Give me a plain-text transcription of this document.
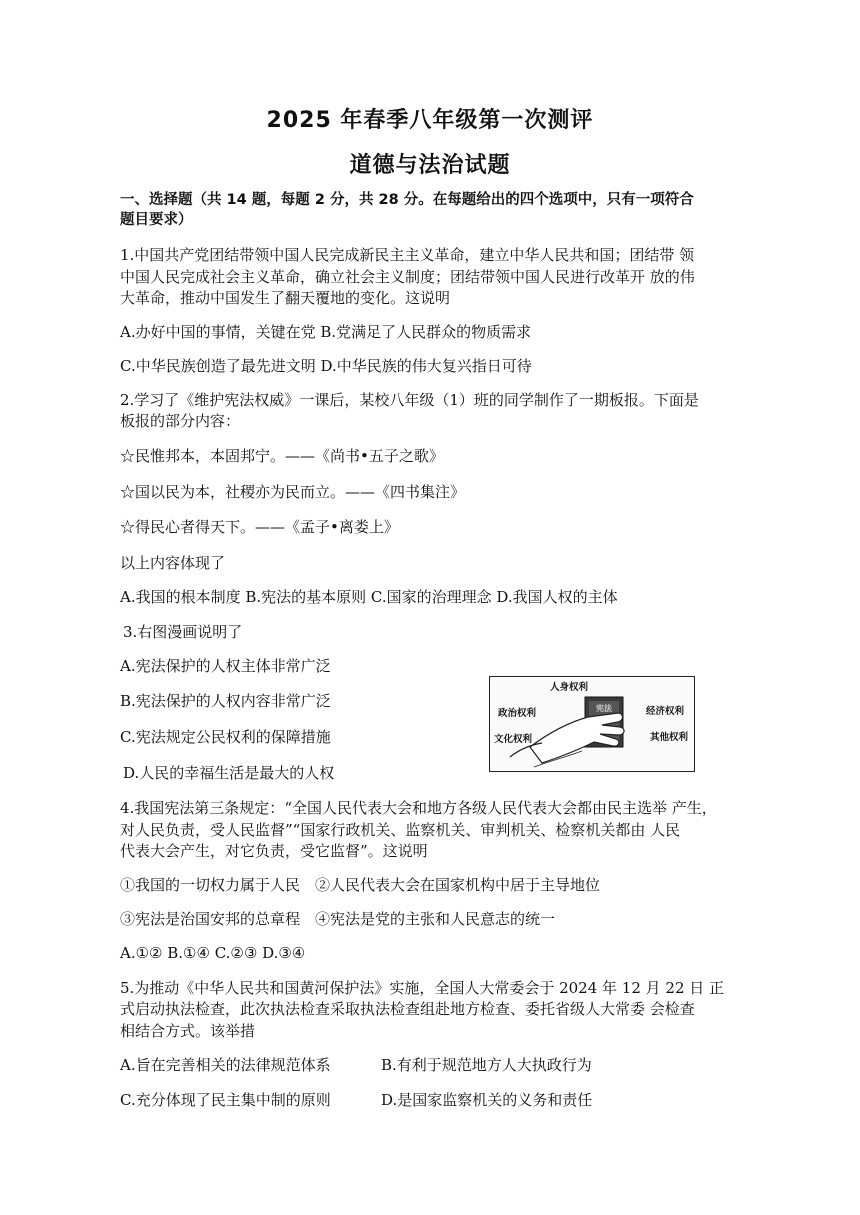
2025 年春季八年级第一次测评
道德与法治试题
一、选择题（共 14 题，每题 2 分，共 28 分。在每题给出的四个选项中，只有一项符合
题目要求）
1.中国共产党团结带领中国人民完成新民主主义革命，建立中华人民共和国；团结带 领
中国人民完成社会主义革命，确立社会主义制度；团结带领中国人民进行改革开 放的伟
大革命，推动中国发生了翻天覆地的变化。这说明
A.办好中国的事情，关键在党 B.党满足了人民群众的物质需求
C.中华民族创造了最先进文明 D.中华民族的伟大复兴指日可待
2.学习了《维护宪法权威》一课后，某校八年级（1）班的同学制作了一期板报。下面是
板报的部分内容：
☆民惟邦本，本固邦宁。——《尚书•五子之歌》
☆国以民为本，社稷亦为民而立。——《四书集注》
☆得民心者得天下。——《孟子•离娄上》
以上内容体现了
A.我国的根本制度 B.宪法的基本原则 C.国家的治理理念 D.我国人权的主体
3.右图漫画说明了
A.宪法保护的人权主体非常广泛
B.宪法保护的人权内容非常广泛
C.宪法规定公民权利的保障措施
D.人民的幸福生活是最大的人权
人身权利
政治权利
文化权利
经济权利
其他权利
宪法
4.我国宪法第三条规定：“全国人民代表大会和地方各级人民代表大会都由民主选举 产生，
对人民负责，受人民监督”“国家行政机关、监察机关、审判机关、检察机关都由 人民
代表大会产生，对它负责，受它监督”。这说明
①我国的一切权力属于人民　②人民代表大会在国家机构中居于主导地位
③宪法是治国安邦的总章程　④宪法是党的主张和人民意志的统一
A.①② B.①④ C.②③ D.③④
5.为推动《中华人民共和国黄河保护法》实施，全国人大常委会于 2024 年 12 月 22 日 正
式启动执法检查，此次执法检查采取执法检查组赴地方检查、委托省级人大常委 会检查
相结合方式。该举措
A.旨在完善相关的法律规范体系	B.有利于规范地方人大执政行为
C.充分体现了民主集中制的原则	D.是国家监察机关的义务和责任
